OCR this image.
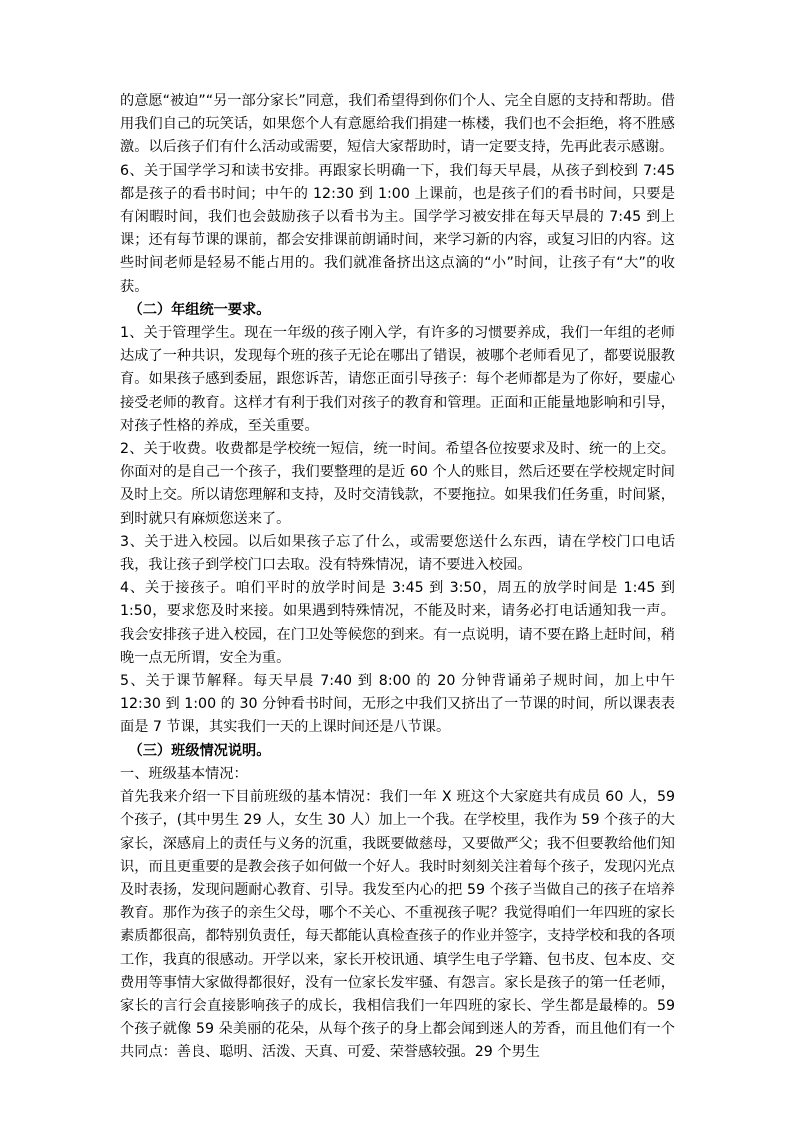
的意愿“被迫”“另一部分家长”同意，我们希望得到你们个人、完全自愿的支持和帮助。借用我们自己的玩笑话，如果您个人有意愿给我们捐建一栋楼，我们也不会拒绝，将不胜感激。以后孩子们有什么活动或需要，短信大家帮助时，请一定要支持，先再此表示感谢。

6、关于国学学习和读书安排。再跟家长明确一下，我们每天早晨，从孩子到校到 7:45 都是孩子的看书时间；中午的 12:30 到 1:00 上课前，也是孩子们的看书时间，只要是有闲暇时间，我们也会鼓励孩子以看书为主。国学学习被安排在每天早晨的 7:45 到上课；还有每节课的课前，都会安排课前朗诵时间，来学习新的内容，或复习旧的内容。这些时间老师是轻易不能占用的。我们就准备挤出这点滴的“小”时间，让孩子有“大”的收获。

（二）年组统一要求。

1、关于管理学生。现在一年级的孩子刚入学，有许多的习惯要养成，我们一年组的老师达成了一种共识，发现每个班的孩子无论在哪出了错误，被哪个老师看见了，都要说服教育。如果孩子感到委屈，跟您诉苦，请您正面引导孩子：每个老师都是为了你好，要虚心接受老师的教育。这样才有利于我们对孩子的教育和管理。正面和正能量地影响和引导，对孩子性格的养成，至关重要。

2、关于收费。收费都是学校统一短信，统一时间。希望各位按要求及时、统一的上交。你面对的是自己一个孩子，我们要整理的是近 60 个人的账目，然后还要在学校规定时间及时上交。所以请您理解和支持，及时交清钱款，不要拖拉。如果我们任务重，时间紧，到时就只有麻烦您送来了。

3、关于进入校园。以后如果孩子忘了什么，或需要您送什么东西，请在学校门口电话我，我让孩子到学校门口去取。没有特殊情况，请不要进入校园。

4、关于接孩子。咱们平时的放学时间是 3:45 到 3:50，周五的放学时间是 1:45 到 1:50，要求您及时来接。如果遇到特殊情况，不能及时来，请务必打电话通知我一声。我会安排孩子进入校园，在门卫处等候您的到来。有一点说明，请不要在路上赶时间，稍晚一点无所谓，安全为重。

5、关于课节解释。每天早晨 7:40 到 8:00 的 20 分钟背诵弟子规时间，加上中午 12:30 到 1:00 的 30 分钟看书时间，无形之中我们又挤出了一节课的时间，所以课表表面是 7 节课，其实我们一天的上课时间还是八节课。

（三）班级情况说明。

一、班级基本情况：

首先我来介绍一下目前班级的基本情况：我们一年 X 班这个大家庭共有成员 60 人，59 个孩子，(其中男生 29 人，女生 30 人）加上一个我。在学校里，我作为 59 个孩子的大家长，深感肩上的责任与义务的沉重，我既要做慈母，又要做严父；我不但要教给他们知识，而且更重要的是教会孩子如何做一个好人。我时时刻刻关注着每个孩子，发现闪光点及时表扬，发现问题耐心教育、引导。我发至内心的把 59 个孩子当做自己的孩子在培养教育。那作为孩子的亲生父母，哪个不关心、不重视孩子呢？我觉得咱们一年四班的家长素质都很高，都特别负责任，每天都能认真检查孩子的作业并签字，支持学校和我的各项工作，我真的很感动。开学以来，家长开校讯通、填学生电子学籍、包书皮、包本皮、交费用等事情大家做得都很好，没有一位家长发牢骚、有怨言。家长是孩子的第一任老师，家长的言行会直接影响孩子的成长，我相信我们一年四班的家长、学生都是最棒的。59 个孩子就像 59 朵美丽的花朵，从每个孩子的身上都会闻到迷人的芳香，而且他们有一个共同点：善良、聪明、活泼、天真、可爱、荣誉感较强。29 个男生
